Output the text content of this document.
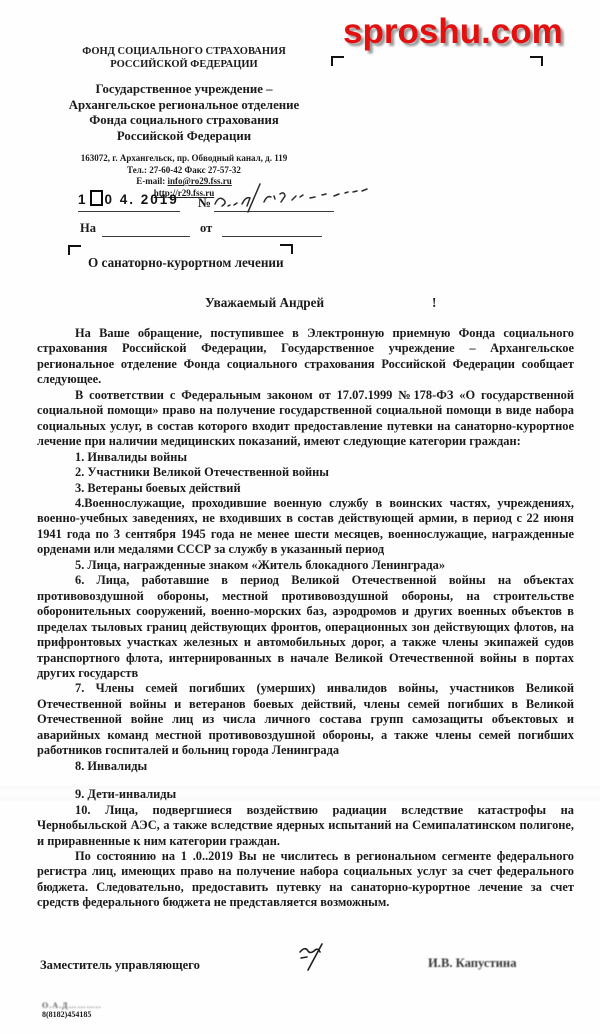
sproshu.com
ФОНД СОЦИАЛЬНОГО СТРАХОВАНИЯ
РОССИЙСКОЙ ФЕДЕРАЦИИ
Государственное учреждение –
Архангельское региональное отделение
Фонда социального страхования
Российской Федерации
163072, г. Архангельск, пр. Обводный канал, д. 119
Тел.: 27-60-42 Факс 27-57-32
E-mail: info@ro29.fss.ru
http://r29.fss.ru
1 0 4. 2019 №
На	от
О санаторно-курортном лечении
Уважаемый Андрей	!

На Ваше обращение, поступившее в Электронную приемную Фонда социального страхования Российской Федерации, Государственное учреждение – Архангельское региональное отделение Фонда социального страхования Российской Федерации сообщает следующее.

В соответствии с Федеральным законом от 17.07.1999 №178-ФЗ «О государственной социальной помощи» право на получение государственной социальной помощи в виде набора социальных услуг, в состав которого входит предоставление путевки на санаторно-курортное лечение при наличии медицинских показаний, имеют следующие категории граждан:

1. Инвалиды войны

2. Участники Великой Отечественной войны

3. Ветераны боевых действий

4.Военнослужащие, проходившие военную службу в воинских частях, учреждениях, военно-учебных заведениях, не входивших в состав действующей армии, в период с 22 июня 1941 года по 3 сентября 1945 года не менее шести месяцев, военнослужащие, награжденные орденами или медалями СССР за службу в указанный период

5. Лица, награжденные знаком «Житель блокадного Ленинграда»

6. Лица, работавшие в период Великой Отечественной войны на объектах противовоздушной обороны, местной противовоздушной обороны, на строительстве оборонительных сооружений, военно-морских баз, аэродромов и других военных объектов в пределах тыловых границ действующих фронтов, операционных зон действующих флотов, на прифронтовых участках железных и автомобильных дорог, а также члены экипажей судов транспортного флота, интернированных в начале Великой Отечественной войны в портах других государств

7. Члены семей погибших (умерших) инвалидов войны, участников Великой Отечественной войны и ветеранов боевых действий, члены семей погибших в Великой Отечественной войне лиц из числа личного состава групп самозащиты объектовых и аварийных команд местной противовоздушной обороны, а также члены семей погибших работников госпиталей и больниц города Ленинграда

8. Инвалиды

9. Дети-инвалиды

10. Лица, подвергшиеся воздействию радиации вследствие катастрофы на Чернобыльской АЭС, а также вследствие ядерных испытаний на Семипалатинском полигоне, и приравненные к ним категории граждан.

По состоянию на 1 .0..2019 Вы не числитесь в региональном сегменте федерального регистра лиц, имеющих право на получение набора социальных услуг за счет федерального бюджета. Следовательно, предоставить путевку на санаторно-курортное лечение за счет средств федерального бюджета не представляется возможным.

Заместитель управляющего	И.В. Капустина
О.А.Д………..
8(8182)454185
